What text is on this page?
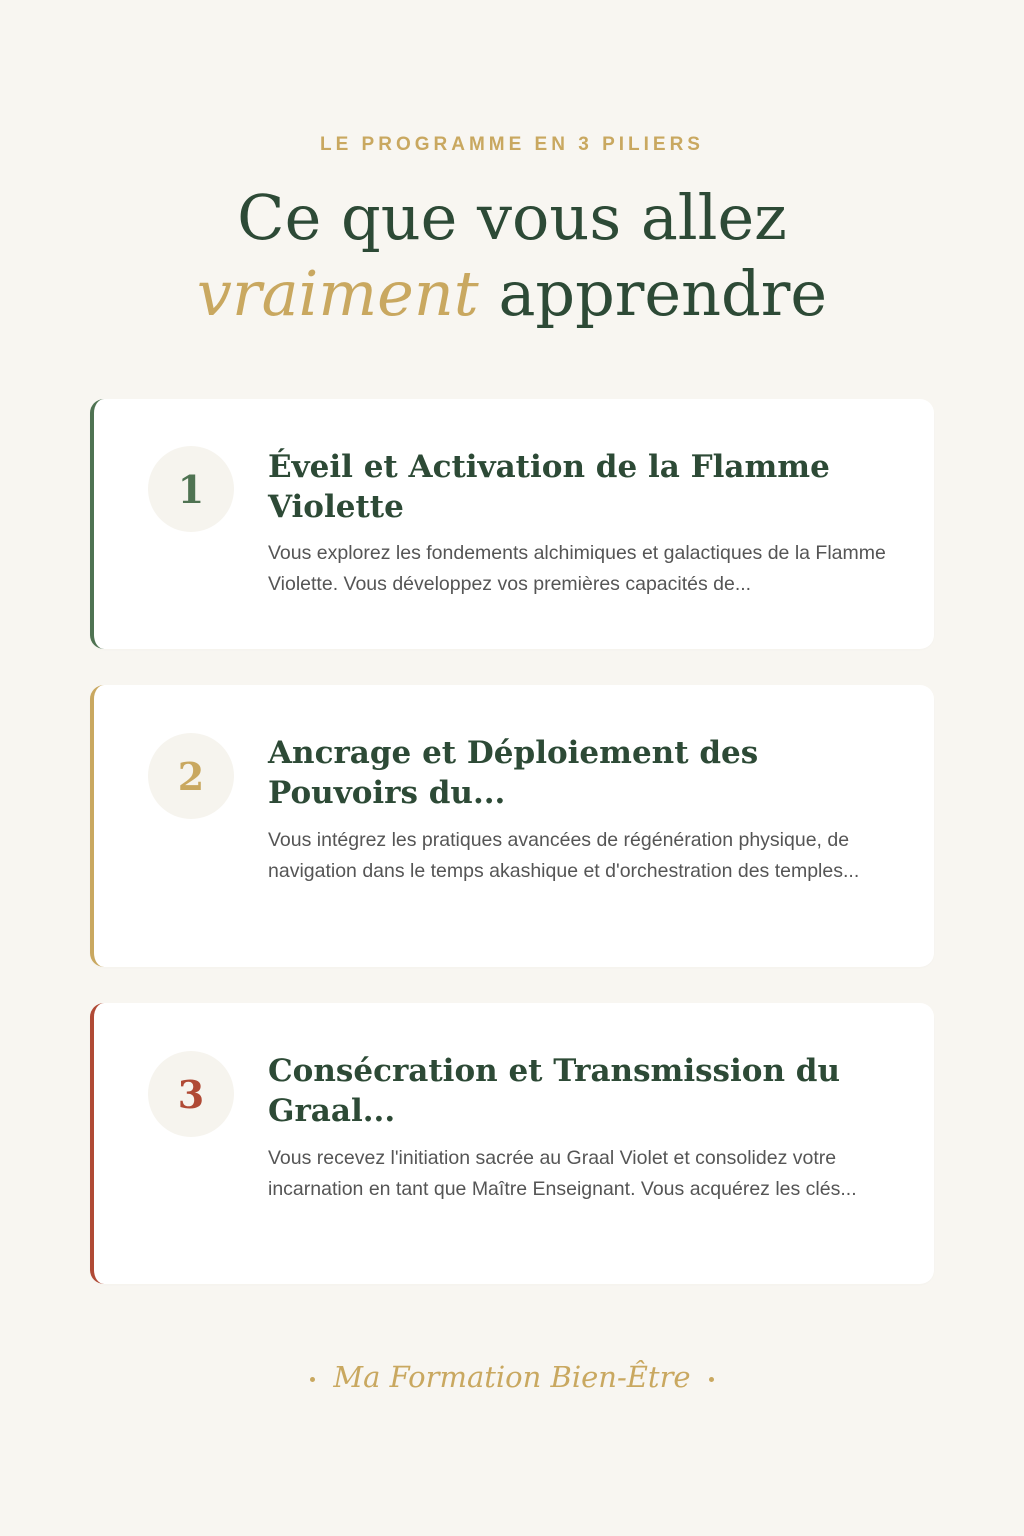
LE PROGRAMME EN 3 PILIERS
Ce que vous allez
vraiment apprendre
1	Éveil et Activation de la Flamme Violette
Vous explorez les fondements alchimiques et galactiques de la Flamme Violette. Vous développez vos premières capacités de...
2
Ancrage et Déploiement des Pouvoirs du...
Vous intégrez les pratiques avancées de régénération physique, de navigation dans le temps akashique et d'orchestration des temples...
3
Consécration et Transmission du Graal...
Vous recevez l'initiation sacrée au Graal Violet et consolidez votre incarnation en tant que Maître Enseignant. Vous acquérez les clés...
Ma Formation Bien-Être
